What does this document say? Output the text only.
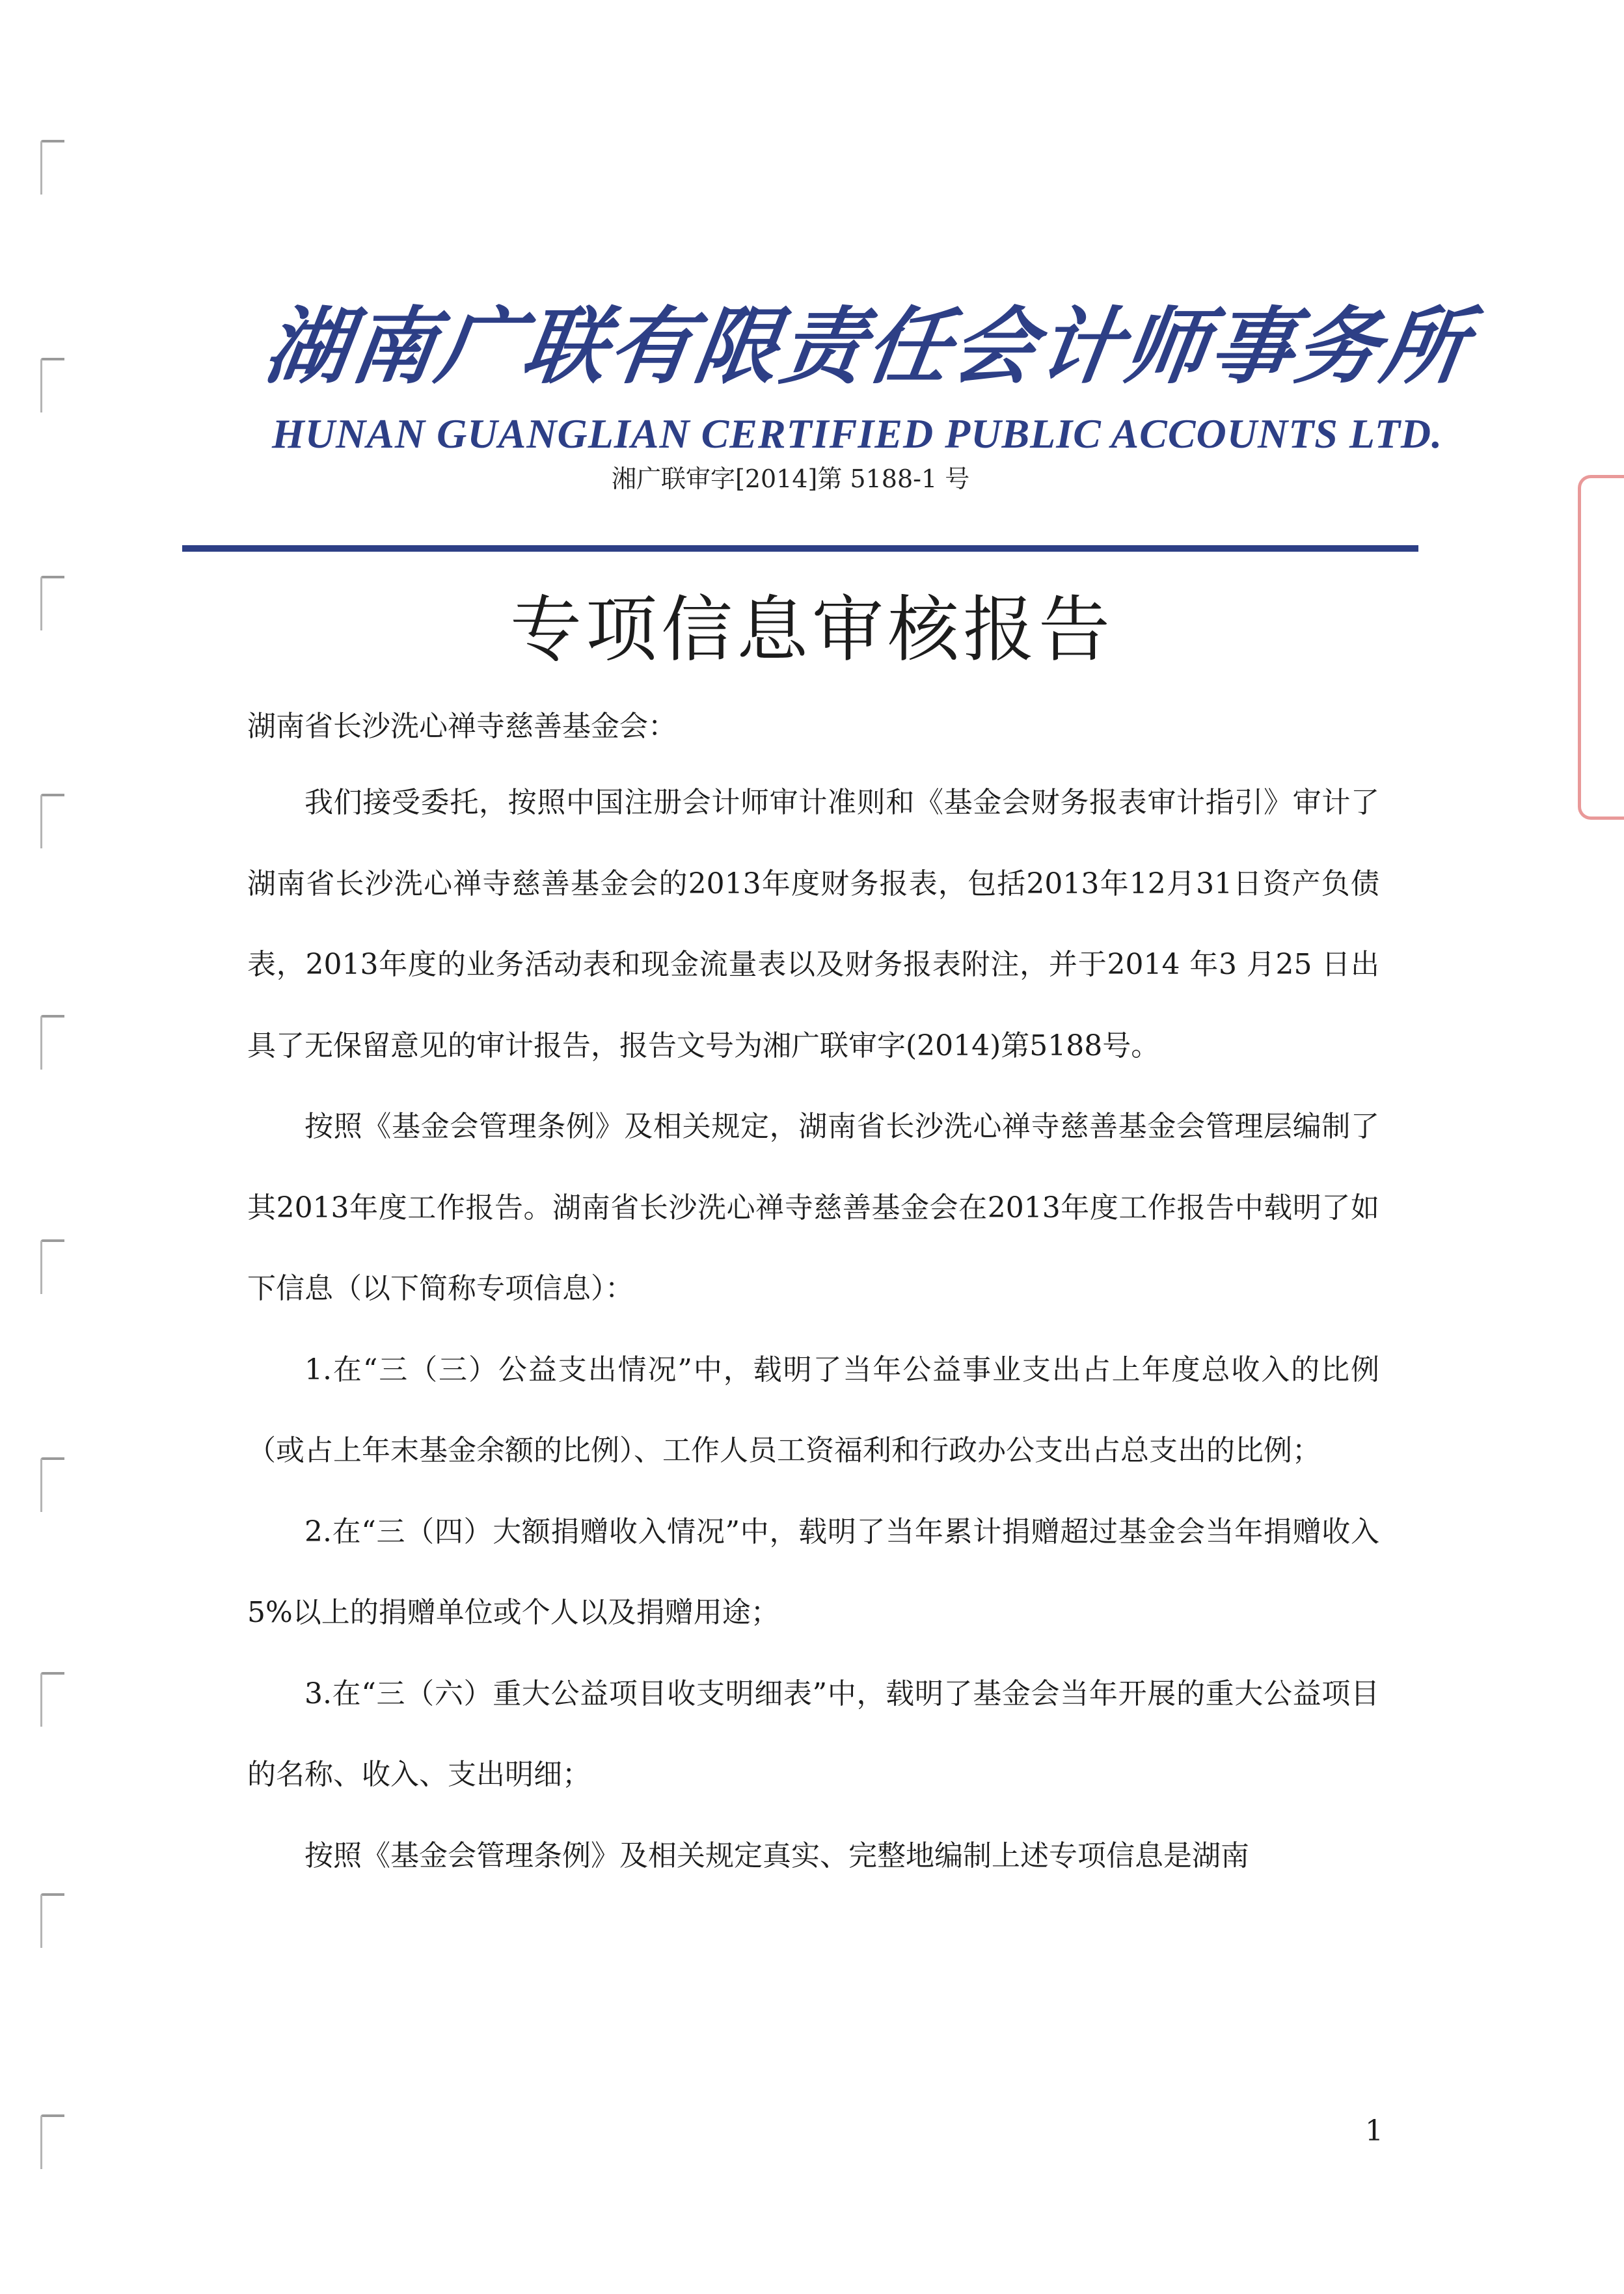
湖南广联有限责任会计师事务所
HUNAN GUANGLIAN CERTIFIED PUBLIC ACCOUNTS LTD.
湘广联审字[2014]第 5188-1 号
专项信息审核报告
湖南省长沙洗心禅寺慈善基金会：

我们接受委托，按照中国注册会计师审计准则和《基金会财务报表审计指引》审计了湖南省长沙洗心禅寺慈善基金会的2013年度财务报表，包括2013年12月31日资产负债表，2013年度的业务活动表和现金流量表以及财务报表附注，并于2014 年3 月25 日出具了无保留意见的审计报告，报告文号为湘广联审字(2014)第5188号。

按照《基金会管理条例》及相关规定，湖南省长沙洗心禅寺慈善基金会管理层编制了其2013年度工作报告。湖南省长沙洗心禅寺慈善基金会在2013年度工作报告中载明了如下信息（以下简称专项信息）：

1.在“三（三）公益支出情况”中，载明了当年公益事业支出占上年度总收入的比例（或占上年末基金余额的比例）、工作人员工资福利和行政办公支出占总支出的比例；

2.在“三（四）大额捐赠收入情况”中，载明了当年累计捐赠超过基金会当年捐赠收入 5%以上的捐赠单位或个人以及捐赠用途；

3.在“三（六）重大公益项目收支明细表”中，载明了基金会当年开展的重大公益项目的名称、收入、支出明细；

按照《基金会管理条例》及相关规定真实、完整地编制上述专项信息是湖南

1
